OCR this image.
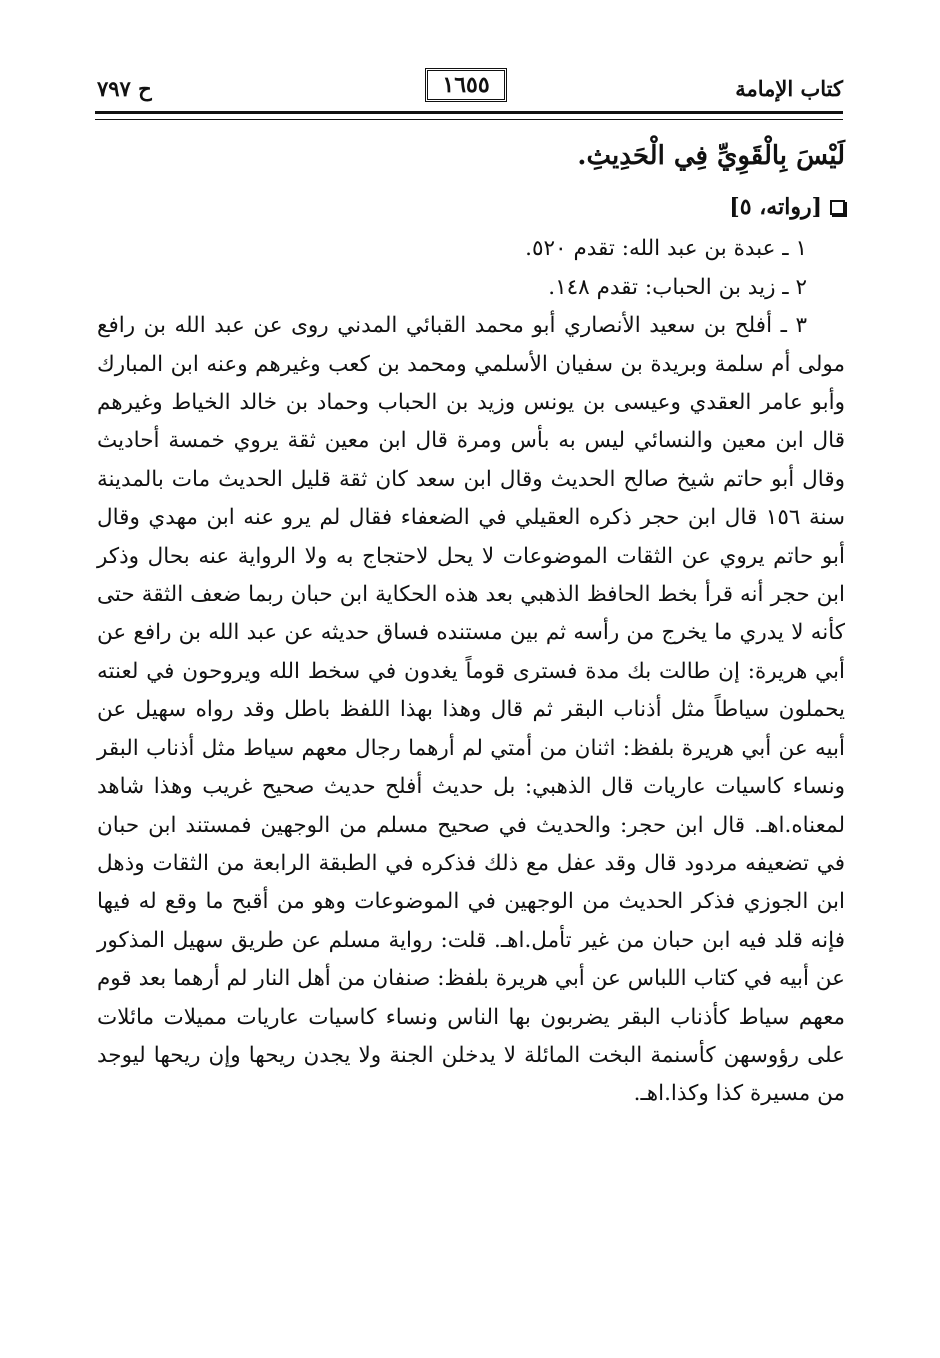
كتاب الإمامة
١٦٥٥
ح ٧٩٧

لَيْسَ بِالْقَوِيِّ فِي الْحَدِيثِ.

[رواته، ٥]

١ ـ عبدة بن عبد الله: تقدم ٥٢٠.

٢ ـ زيد بن الحباب: تقدم ١٤٨.

٣ ـ أفلح بن سعيد الأنصاري أبو محمد القبائي المدني روى عن عبد الله بن رافع مولى أم سلمة وبريدة بن سفيان الأسلمي ومحمد بن كعب وغيرهم وعنه ابن المبارك وأبو عامر العقدي وعيسى بن يونس وزيد بن الحباب وحماد بن خالد الخياط وغيرهم قال ابن معين والنسائي ليس به بأس ومرة قال ابن معين ثقة يروي خمسة أحاديث وقال أبو حاتم شيخ صالح الحديث وقال ابن سعد كان ثقة قليل الحديث مات بالمدينة سنة ١٥٦ قال ابن حجر ذكره العقيلي في الضعفاء فقال لم يرو عنه ابن مهدي وقال أبو حاتم يروي عن الثقات الموضوعات لا يحل لاحتجاج به ولا الرواية عنه بحال وذكر ابن حجر أنه قرأ بخط الحافظ الذهبي بعد هذه الحكاية ابن حبان ربما ضعف الثقة حتى كأنه لا يدري ما يخرج من رأسه ثم بين مستنده فساق حديثه عن عبد الله بن رافع عن أبي هريرة: إن طالت بك مدة فسترى قوماً يغدون في سخط الله ويروحون في لعنته يحملون سياطاً مثل أذناب البقر ثم قال وهذا بهذا اللفظ باطل وقد رواه سهيل عن أبيه عن أبي هريرة بلفظ: اثنان من أمتي لم أرهما رجال معهم سياط مثل أذناب البقر ونساء كاسيات عاريات قال الذهبي: بل حديث أفلح حديث صحيح غريب وهذا شاهد لمعناه.اهـ. قال ابن حجر: والحديث في صحيح مسلم من الوجهين فمستند ابن حبان في تضعيفه مردود قال وقد عفل مع ذلك فذكره في الطبقة الرابعة من الثقات وذهل ابن الجوزي فذكر الحديث من الوجهين في الموضوعات وهو من أقبح ما وقع له فيها فإنه قلد فيه ابن حبان من غير تأمل.اهـ. قلت: رواية مسلم عن طريق سهيل المذكور عن أبيه في كتاب اللباس عن أبي هريرة بلفظ: صنفان من أهل النار لم أرهما بعد قوم معهم سياط كأذناب البقر يضربون بها الناس ونساء كاسيات عاريات مميلات مائلات على رؤوسهن كأسنمة البخت المائلة لا يدخلن الجنة ولا يجدن ريحها وإن ريحها ليوجد من مسيرة كذا وكذا.اهـ.
